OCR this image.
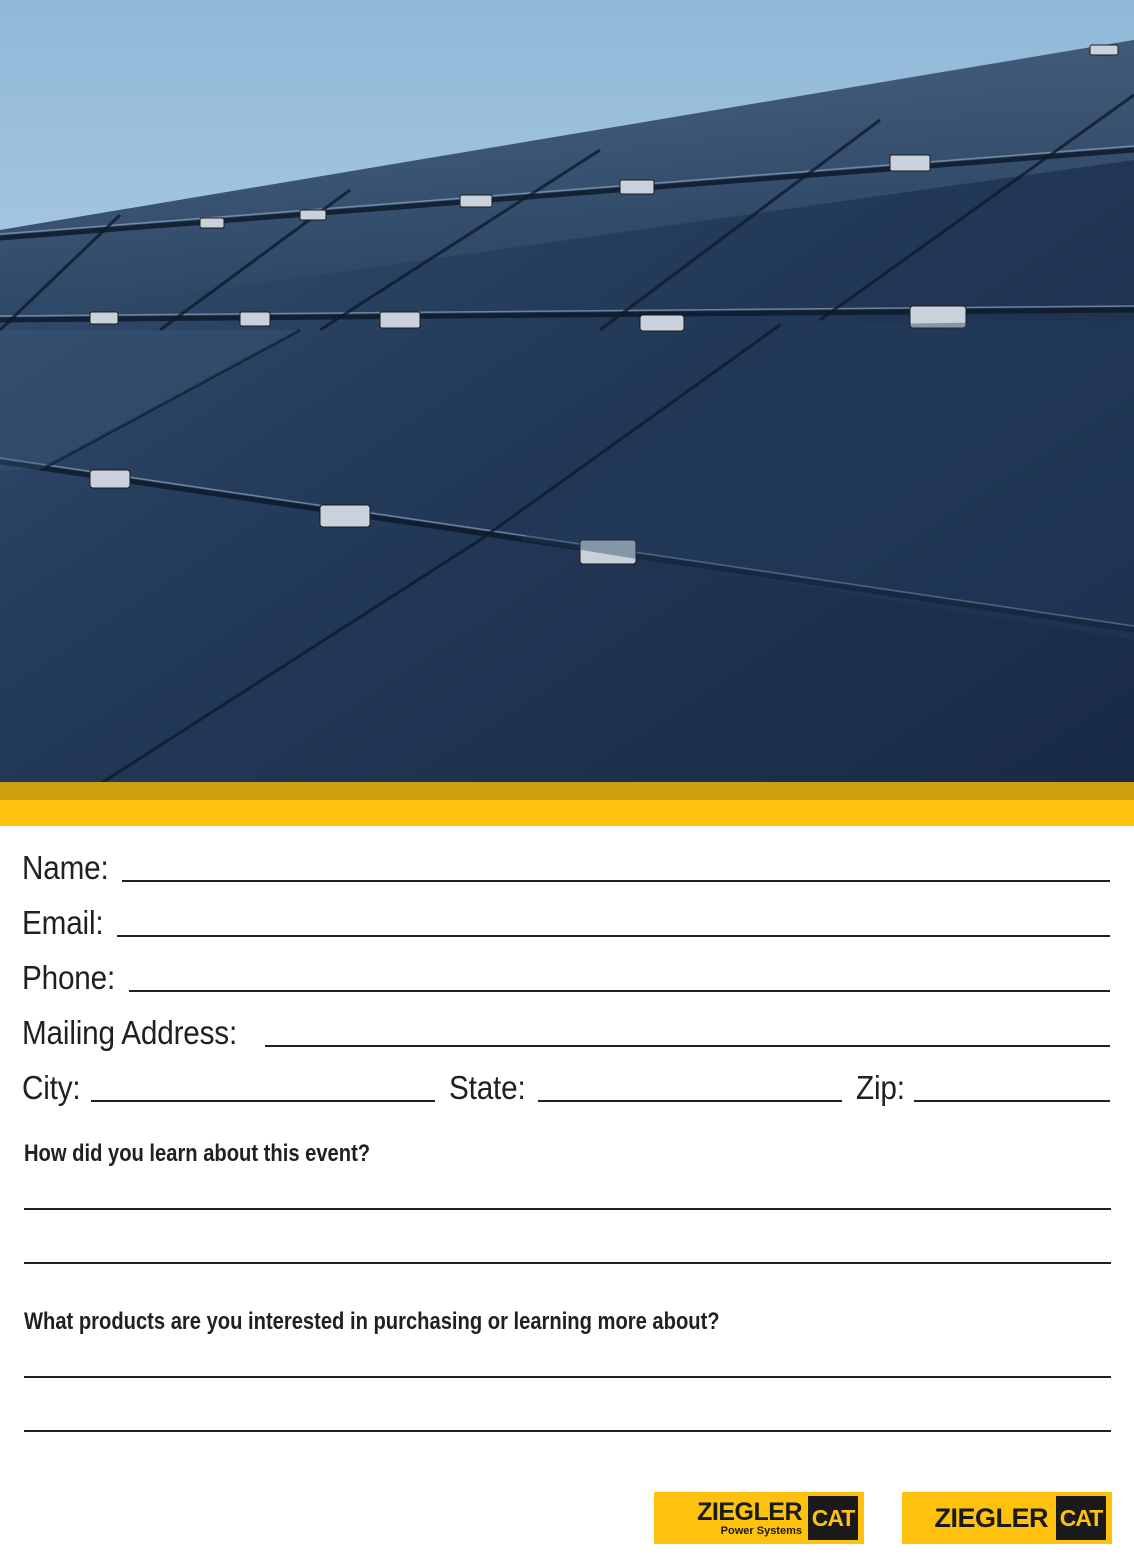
Name:
Email:
Phone:
Mailing Address:
City:	State:	Zip:
How did you learn about this event?
What products are you interested in purchasing or learning more about?
ZIEGLER
Power Systems CAT	ZIEGLER CAT
